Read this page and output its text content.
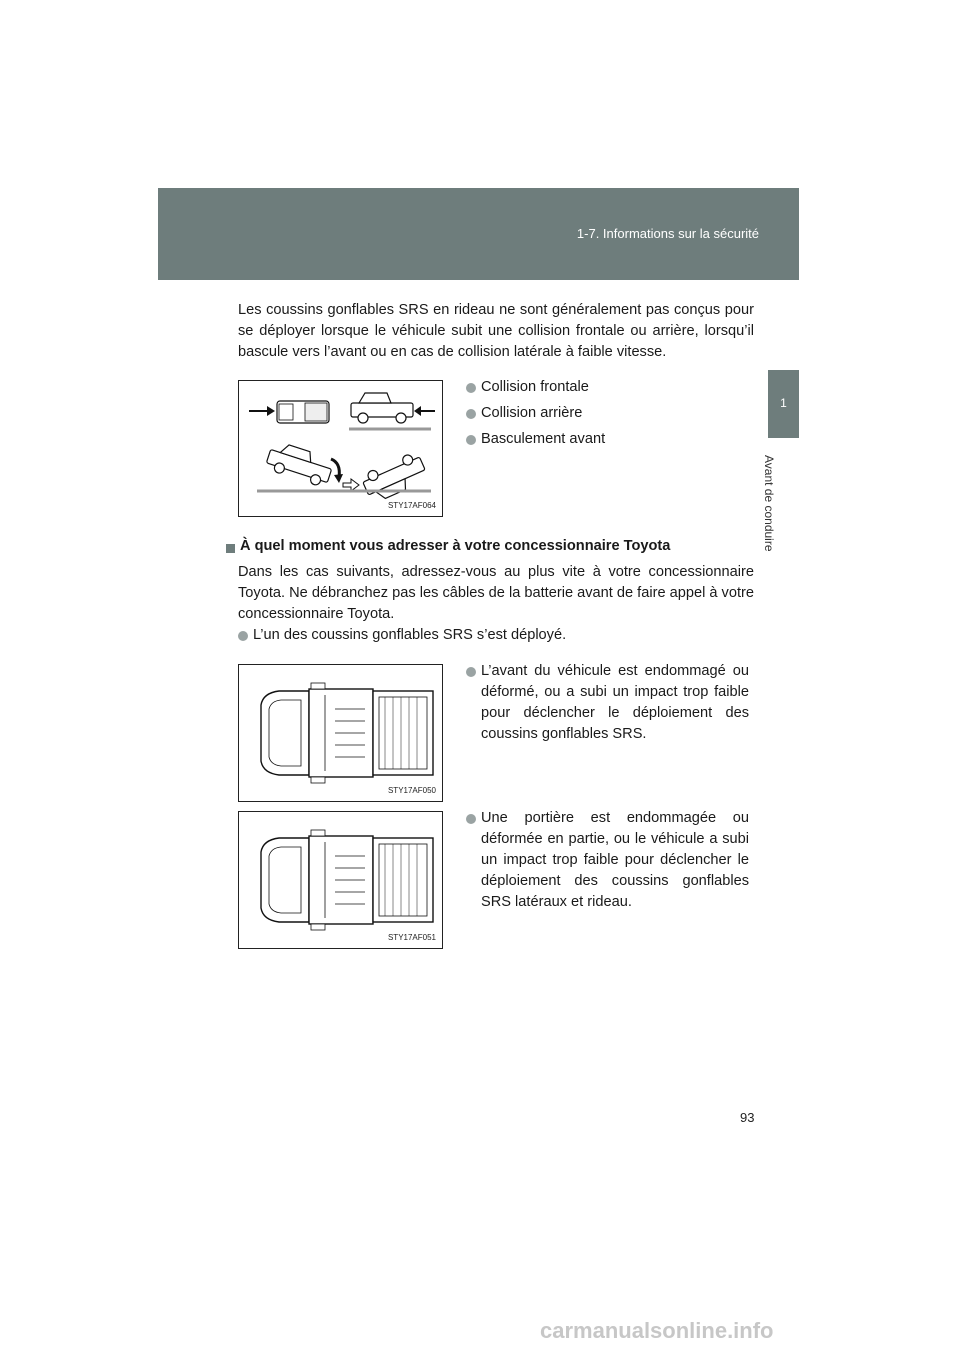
1-7. Informations sur la sécurité
1
Avant de conduire

Les coussins gonflables SRS en rideau ne sont généralement pas conçus pour se déployer lorsque le véhicule subit une collision frontale ou arrière, lorsqu’il bascule vers l’avant ou en cas de collision latérale à faible vitesse.

STY17AF064

Collision frontale

Collision arrière

Basculement avant

À quel moment vous adresser à votre concessionnaire Toyota

Dans les cas suivants, adressez-vous au plus vite à votre concessionnaire Toyota. Ne débranchez pas les câbles de la batterie avant de faire appel à votre concessionnaire Toyota.

L’un des coussins gonflables SRS s’est déployé.

STY17AF050

L’avant du véhicule est endommagé ou déformé, ou a subi un impact trop faible pour déclencher le déploiement des coussins gonflables SRS.

STY17AF051

Une portière est endommagée ou déformée en partie, ou le véhicule a subi un impact trop faible pour déclencher le déploiement des coussins gonflables SRS latéraux et rideau.

93
carmanualsonline.info
